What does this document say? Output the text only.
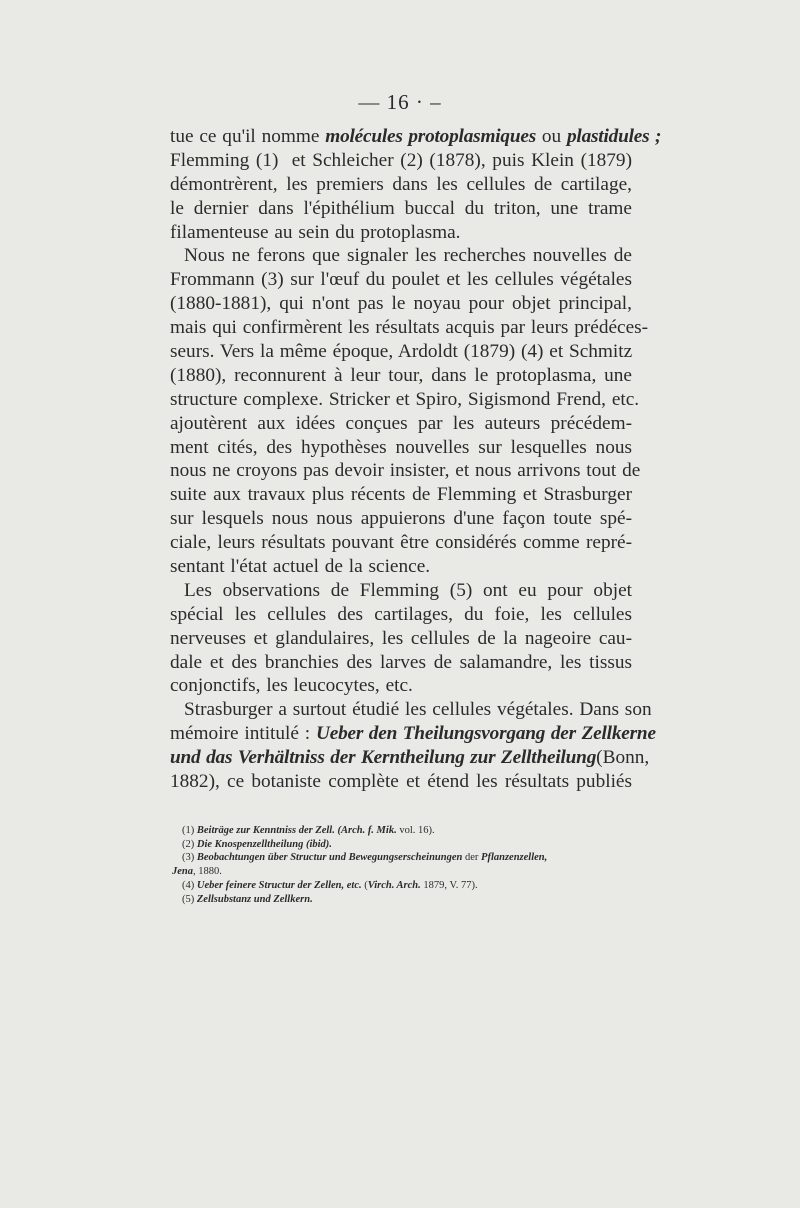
— 16 · –
tue ce qu'il nomme molécules protoplasmiques ou plastidules ;
Flemming (1)  et Schleicher (2) (1878), puis Klein (1879)
démontrèrent, les premiers dans les cellules de cartilage,
le dernier dans l'épithélium buccal du triton, une trame
filamenteuse au sein du protoplasma.
Nous ne ferons que signaler les recherches nouvelles de
Frommann (3) sur l'œuf du poulet et les cellules végétales
(1880-1881), qui n'ont pas le noyau pour objet principal,
mais qui confirmèrent les résultats acquis par leurs prédéces-
seurs. Vers la même époque, Ardoldt (1879) (4) et Schmitz
(1880), reconnurent à leur tour, dans le protoplasma, une
structure complexe. Stricker et Spiro, Sigismond Frend, etc.
ajoutèrent aux idées conçues par les auteurs précédem-
ment cités, des hypothèses nouvelles sur lesquelles nous
nous ne croyons pas devoir insister, et nous arrivons tout de
suite aux travaux plus récents de Flemming et Strasburger
sur lesquels nous nous appuierons d'une façon toute spé-
ciale, leurs résultats pouvant être considérés comme repré-
sentant l'état actuel de la science.
Les observations de Flemming (5) ont eu pour objet
spécial les cellules des cartilages, du foie, les cellules
nerveuses et glandulaires, les cellules de la nageoire cau-
dale et des branchies des larves de salamandre, les tissus
conjonctifs, les leucocytes, etc.
Strasburger a surtout étudié les cellules végétales. Dans son
mémoire intitulé : Ueber den Theilungsvorgang der Zellkerne
und das Verhältniss der Kerntheilung zur Zelltheilung(Bonn,
1882), ce botaniste complète et étend les résultats publiés
(1) Beiträge zur Kenntniss der Zell. (Arch. f. Mik. vol. 16).
(2) Die Knospenzelltheilung (ibid).
(3) Beobachtungen über Structur und Bewegungserscheinungen der Pflanzenzellen,
Jena, 1880.
(4) Ueber feinere Structur der Zellen, etc. (Virch. Arch. 1879, V. 77).
(5) Zellsubstanz und Zellkern.
